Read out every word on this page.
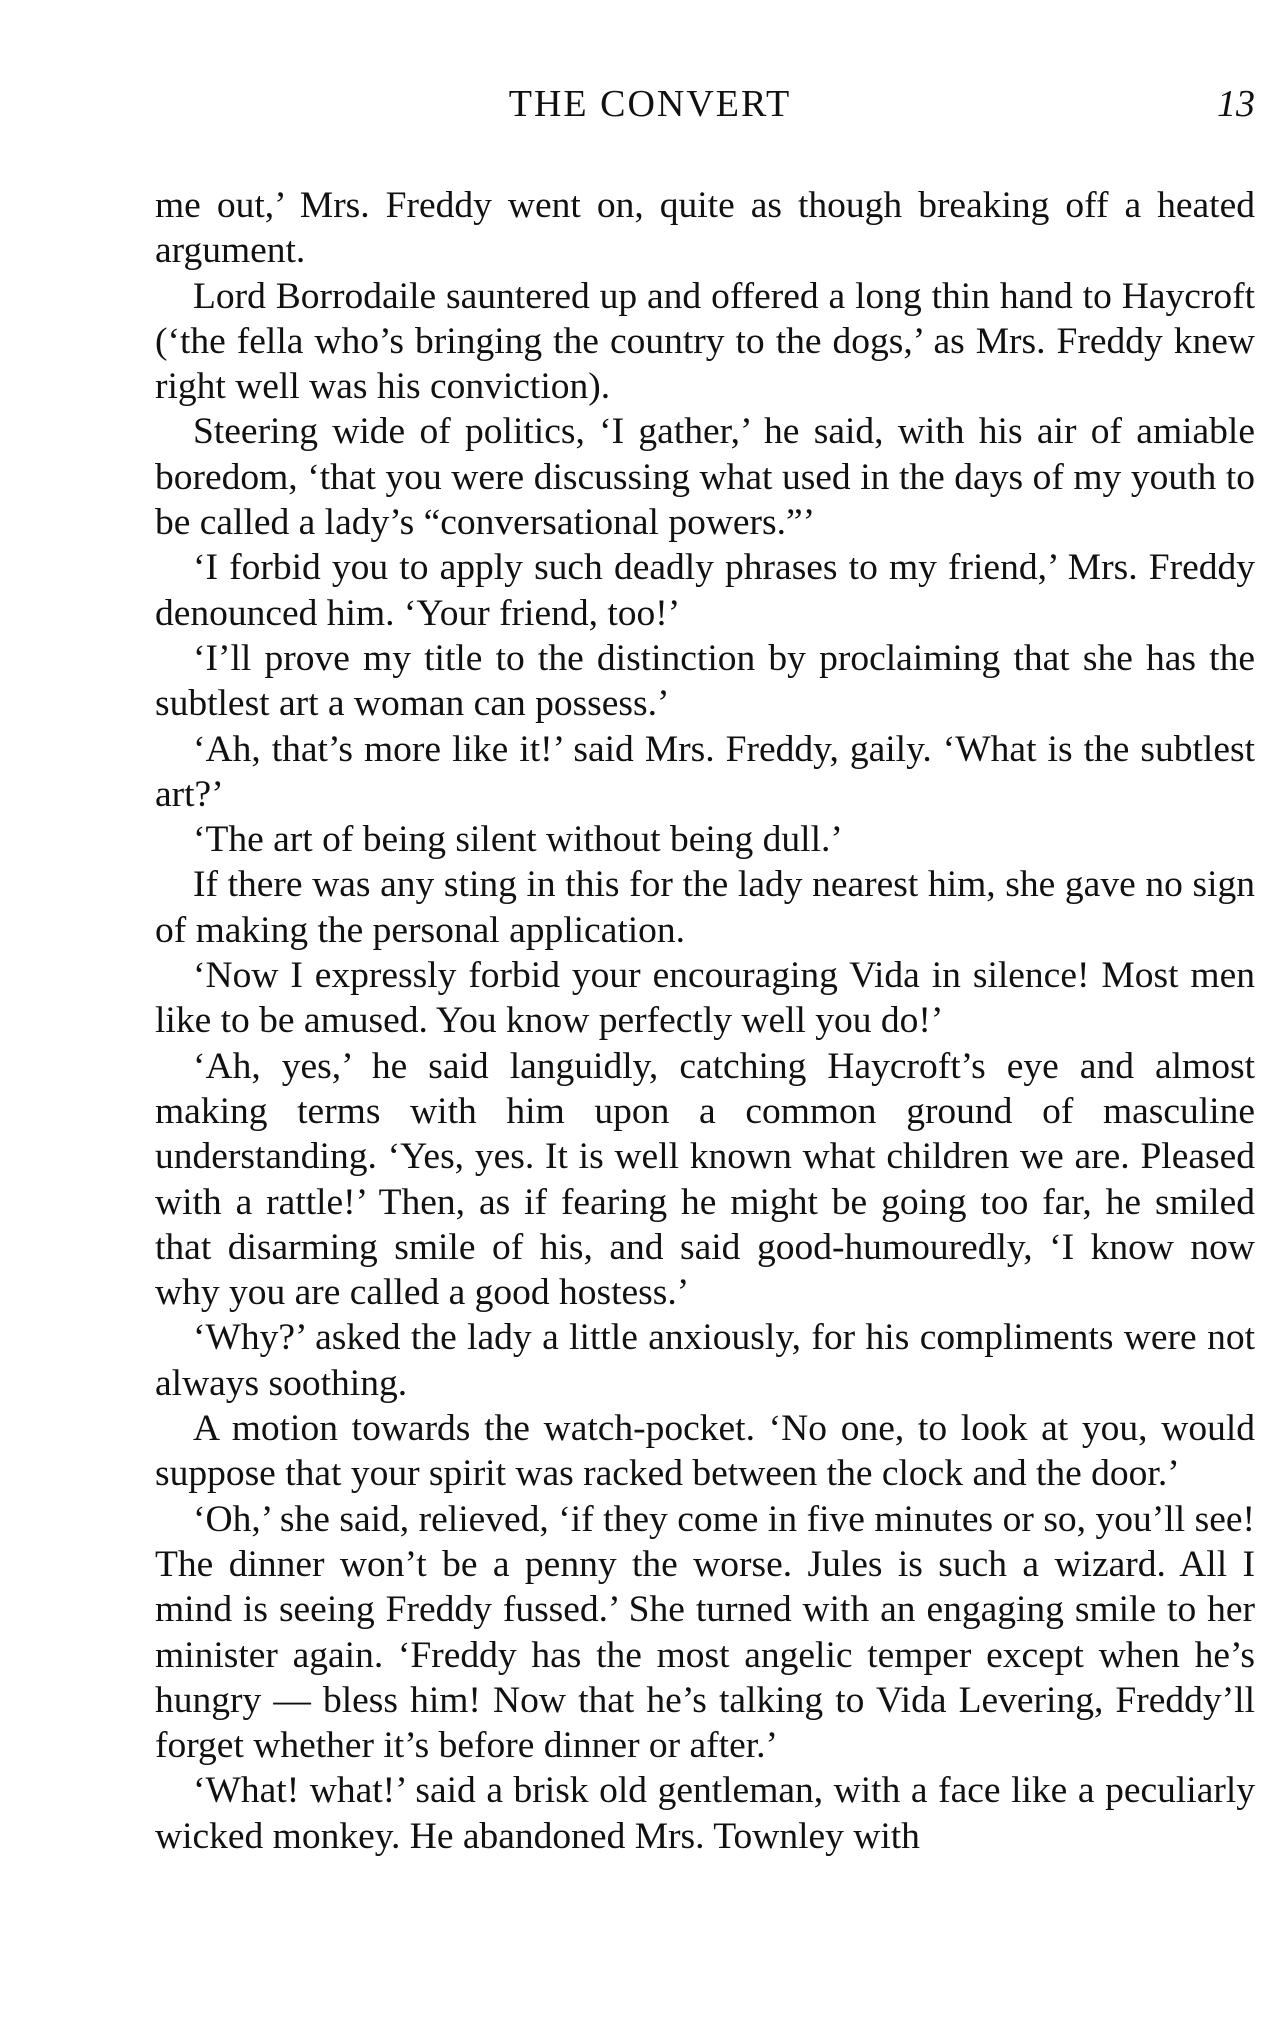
THE CONVERT	13

me out,’ Mrs. Freddy went on, quite as though breaking off a heated argument.

Lord Borrodaile sauntered up and offered a long thin hand to Haycroft (‘the fella who’s bringing the country to the dogs,’ as Mrs. Freddy knew right well was his conviction).

Steering wide of politics, ‘I gather,’ he said, with his air of amiable boredom, ‘that you were discussing what used in the days of my youth to be called a lady’s “conversational powers.”’

‘I forbid you to apply such deadly phrases to my friend,’ Mrs. Freddy denounced him. ‘Your friend, too!’

‘I’ll prove my title to the distinction by proclaiming that she has the subtlest art a woman can possess.’

‘Ah, that’s more like it!’ said Mrs. Freddy, gaily. ‘What is the subtlest art?’

‘The art of being silent without being dull.’

If there was any sting in this for the lady nearest him, she gave no sign of making the personal application.

‘Now I expressly forbid your encouraging Vida in silence! Most men like to be amused. You know perfectly well you do!’

‘Ah, yes,’ he said languidly, catching Haycroft’s eye and almost making terms with him upon a common ground of masculine understanding. ‘Yes, yes. It is well known what children we are. Pleased with a rattle!’ Then, as if fearing he might be going too far, he smiled that disarming smile of his, and said good-humouredly, ‘I know now why you are called a good hostess.’

‘Why?’ asked the lady a little anxiously, for his compliments were not always soothing.

A motion towards the watch-pocket. ‘No one, to look at you, would suppose that your spirit was racked between the clock and the door.’

‘Oh,’ she said, relieved, ‘if they come in five minutes or so, you’ll see! The dinner won’t be a penny the worse. Jules is such a wizard. All I mind is seeing Freddy fussed.’ She turned with an engaging smile to her minister again. ‘Freddy has the most angelic temper except when he’s hungry — bless him! Now that he’s talking to Vida Levering, Freddy’ll forget whether it’s before dinner or after.’

‘What! what!’ said a brisk old gentleman, with a face like a peculiarly wicked monkey. He abandoned Mrs. Townley with
